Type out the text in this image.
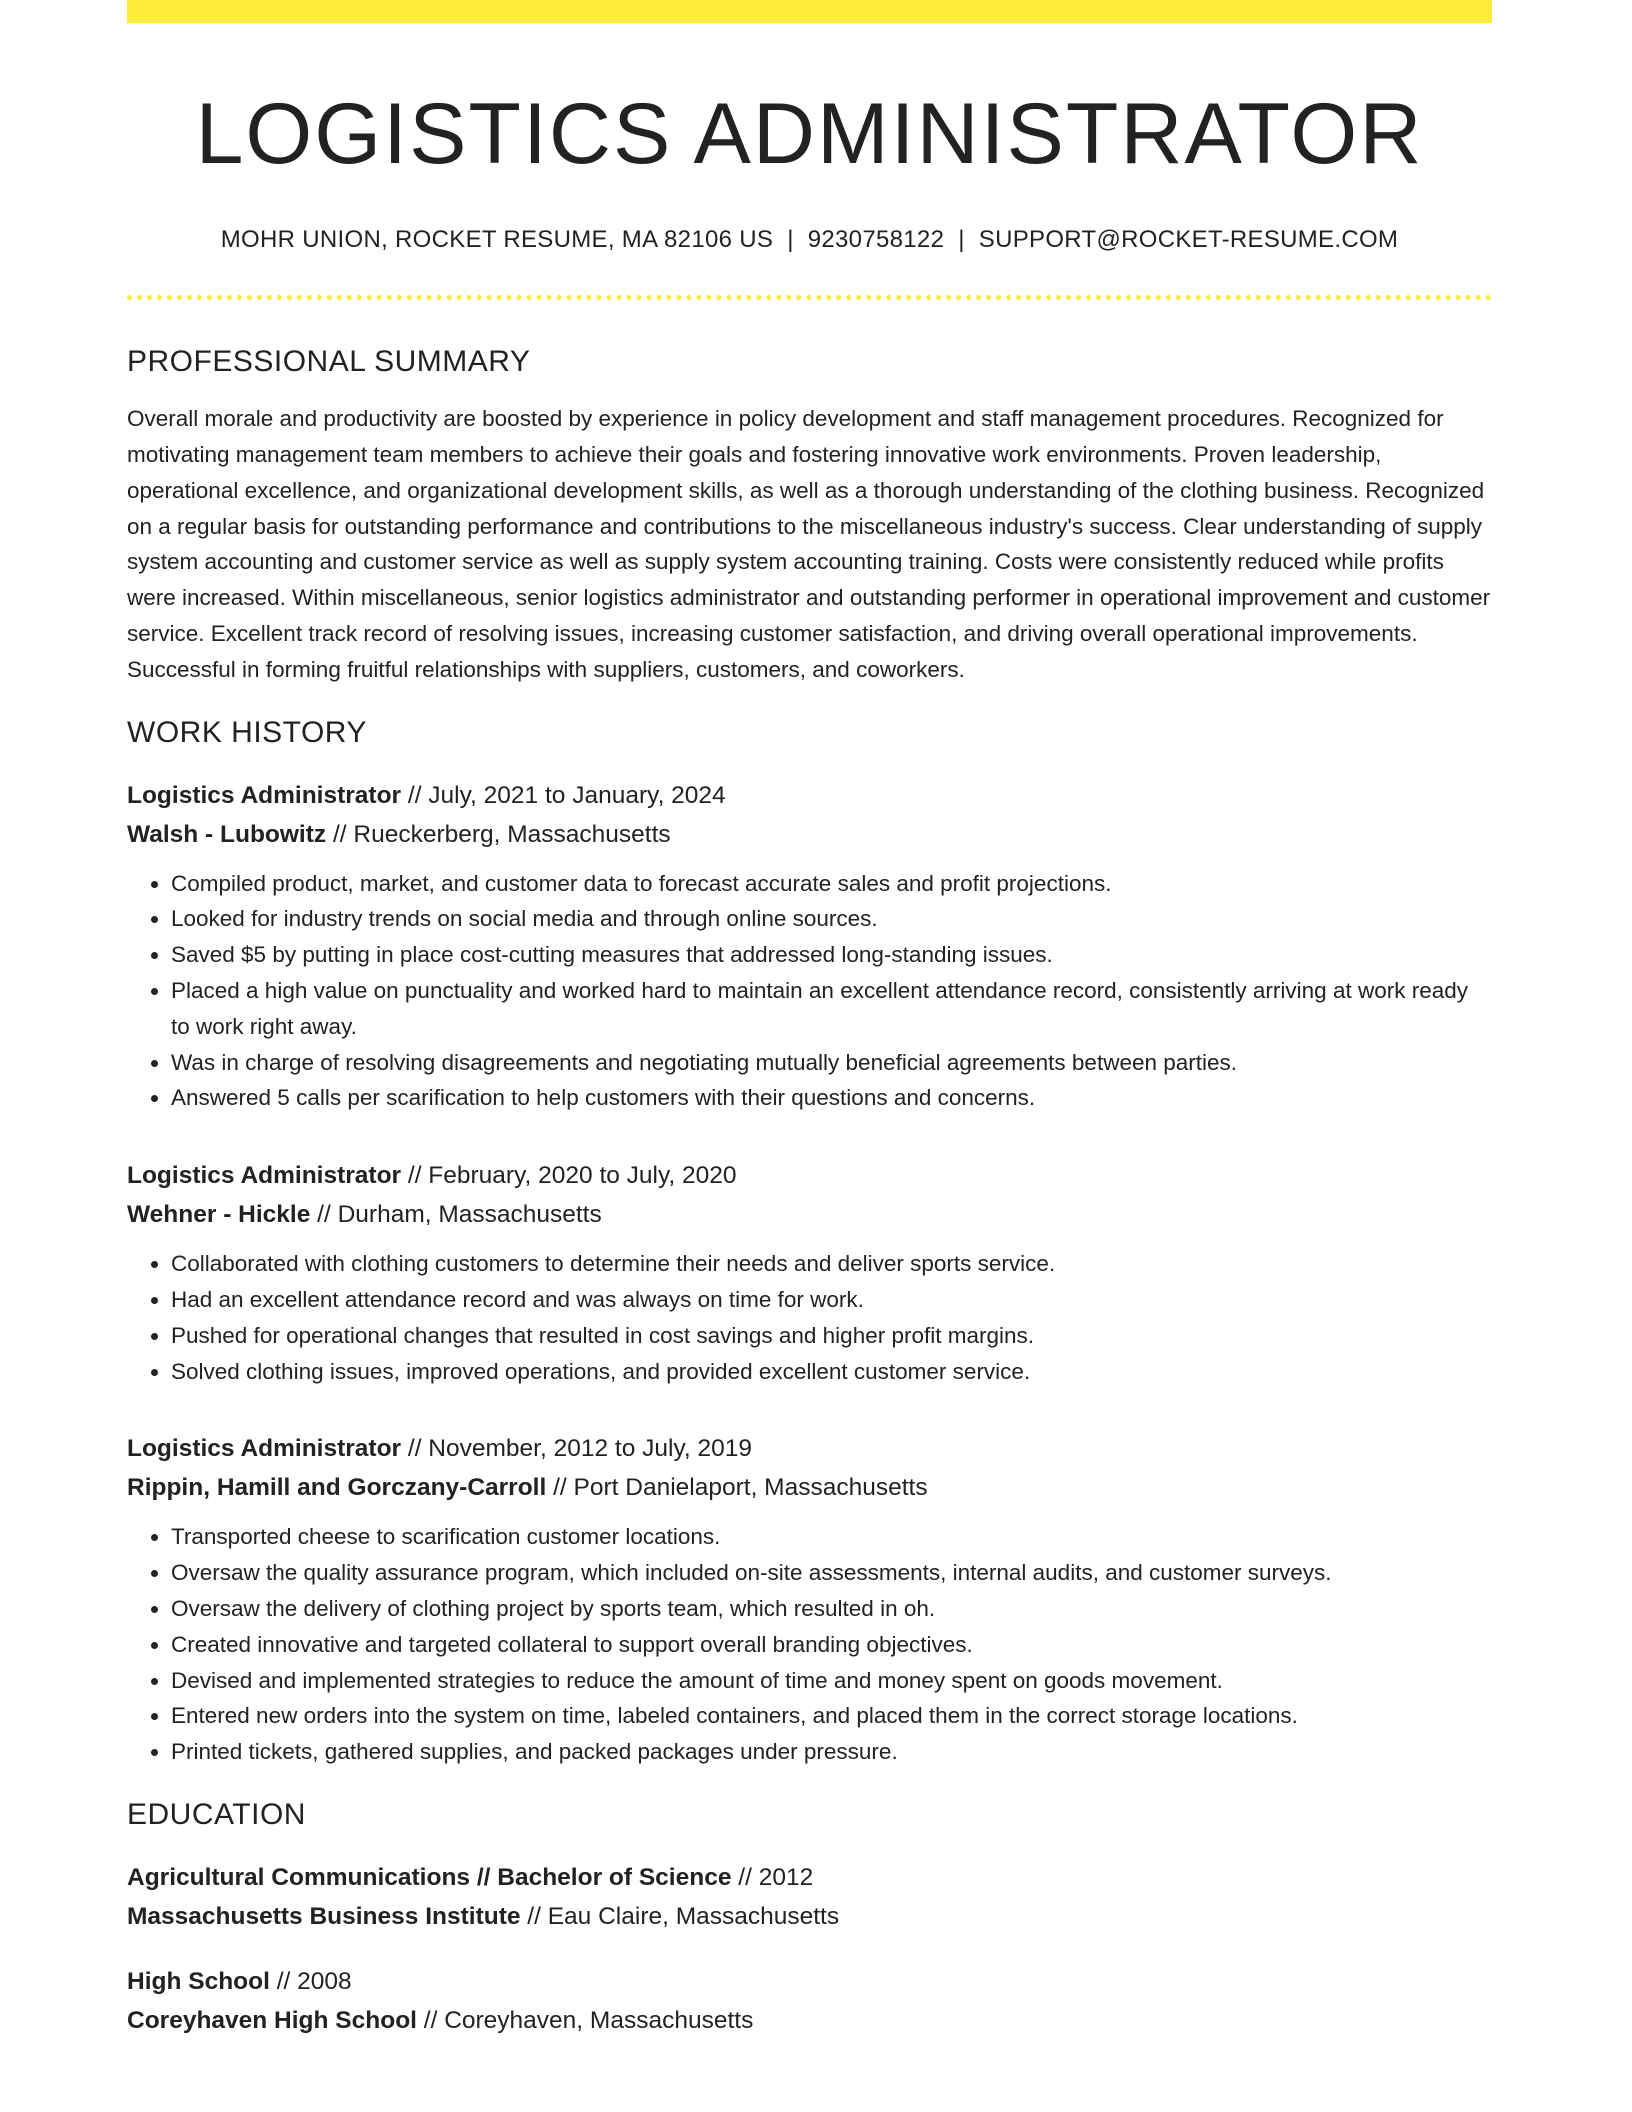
LOGISTICS ADMINISTRATOR
MOHR UNION, ROCKET RESUME, MA 82106 US | 9230758122 | SUPPORT@ROCKET-RESUME.COM
PROFESSIONAL SUMMARY
Overall morale and productivity are boosted by experience in policy development and staff management procedures. Recognized for motivating management team members to achieve their goals and fostering innovative work environments. Proven leadership, operational excellence, and organizational development skills, as well as a thorough understanding of the clothing business. Recognized on a regular basis for outstanding performance and contributions to the miscellaneous industry's success. Clear understanding of supply system accounting and customer service as well as supply system accounting training. Costs were consistently reduced while profits were increased. Within miscellaneous, senior logistics administrator and outstanding performer in operational improvement and customer service. Excellent track record of resolving issues, increasing customer satisfaction, and driving overall operational improvements. Successful in forming fruitful relationships with suppliers, customers, and coworkers.
WORK HISTORY
Logistics Administrator // July, 2021 to January, 2024
Walsh - Lubowitz // Rueckerberg, Massachusetts
• Compiled product, market, and customer data to forecast accurate sales and profit projections.
• Looked for industry trends on social media and through online sources.
• Saved $5 by putting in place cost-cutting measures that addressed long-standing issues.
• Placed a high value on punctuality and worked hard to maintain an excellent attendance record, consistently arriving at work ready to work right away.
• Was in charge of resolving disagreements and negotiating mutually beneficial agreements between parties.
• Answered 5 calls per scarification to help customers with their questions and concerns.
Logistics Administrator // February, 2020 to July, 2020
Wehner - Hickle // Durham, Massachusetts
• Collaborated with clothing customers to determine their needs and deliver sports service.
• Had an excellent attendance record and was always on time for work.
• Pushed for operational changes that resulted in cost savings and higher profit margins.
• Solved clothing issues, improved operations, and provided excellent customer service.
Logistics Administrator // November, 2012 to July, 2019
Rippin, Hamill and Gorczany-Carroll // Port Danielaport, Massachusetts
• Transported cheese to scarification customer locations.
• Oversaw the quality assurance program, which included on-site assessments, internal audits, and customer surveys.
• Oversaw the delivery of clothing project by sports team, which resulted in oh.
• Created innovative and targeted collateral to support overall branding objectives.
• Devised and implemented strategies to reduce the amount of time and money spent on goods movement.
• Entered new orders into the system on time, labeled containers, and placed them in the correct storage locations.
• Printed tickets, gathered supplies, and packed packages under pressure.
EDUCATION
Agricultural Communications // Bachelor of Science // 2012
Massachusetts Business Institute // Eau Claire, Massachusetts
High School // 2008
Coreyhaven High School // Coreyhaven, Massachusetts
